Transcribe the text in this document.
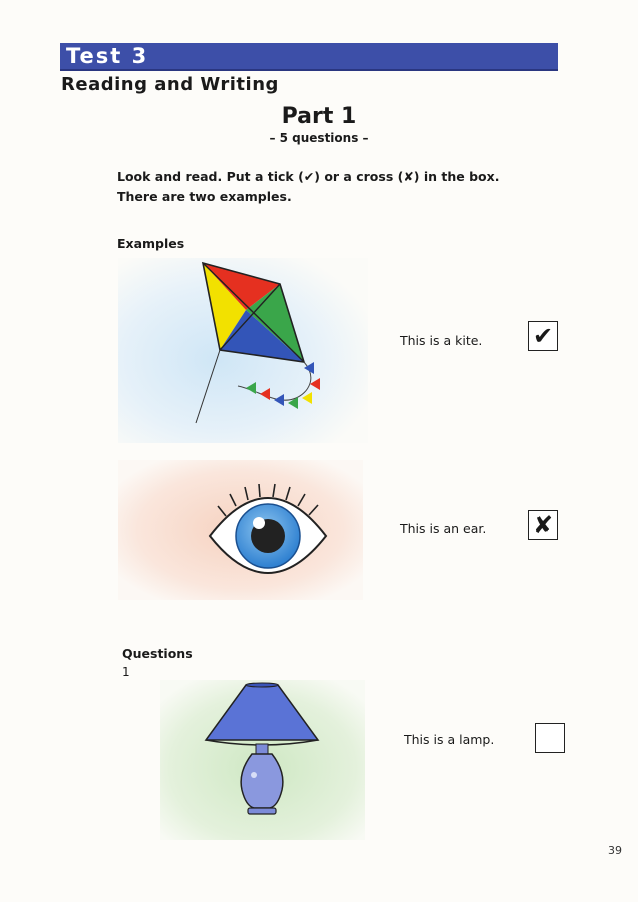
Test 3
Reading and Writing
Part 1
– 5 questions –
Look and read. Put a tick (✔) or a cross (✘) in the box.
There are two examples.
Examples
This is a kite. ✔
This is an ear. ✘
Questions
1
This is a lamp.
39
